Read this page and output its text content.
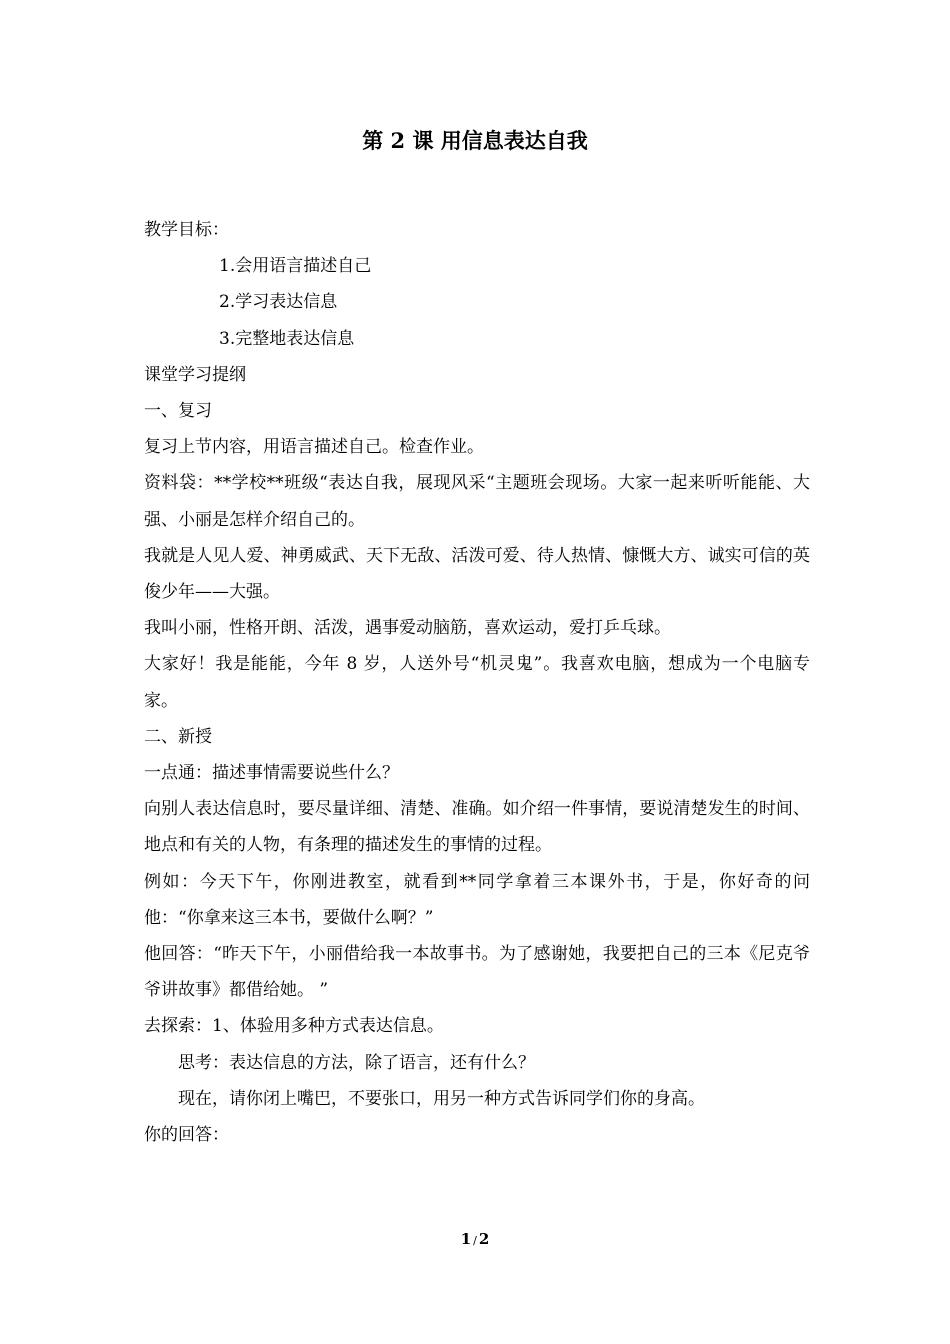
第 2 课 用信息表达自我

教学目标：

1.会用语言描述自己

2.学习表达信息

3.完整地表达信息

课堂学习提纲

一、复习

复习上节内容，用语言描述自己。检查作业。

资料袋：**学校**班级“表达自我，展现风采“主题班会现场。大家一起来听听能能、大强、小丽是怎样介绍自己的。

我就是人见人爱、神勇威武、天下无敌、活泼可爱、待人热情、慷慨大方、诚实可信的英俊少年——大强。

我叫小丽，性格开朗、活泼，遇事爱动脑筋，喜欢运动，爱打乒乓球。

大家好！我是能能，今年 8 岁，人送外号“机灵鬼”。我喜欢电脑，想成为一个电脑专家。

二、新授

一点通：描述事情需要说些什么？

向别人表达信息时，要尽量详细、清楚、准确。如介绍一件事情，要说清楚发生的时间、地点和有关的人物，有条理的描述发生的事情的过程。

例如：今天下午，你刚进教室，就看到**同学拿着三本课外书，于是，你好奇的问他：“你拿来这三本书，要做什么啊？”

他回答：“昨天下午，小丽借给我一本故事书。为了感谢她，我要把自己的三本《尼克爷爷讲故事》都借给她。 ”

去探索：1、体验用多种方式表达信息。

思考：表达信息的方法，除了语言，还有什么？

现在，请你闭上嘴巴，不要张口，用另一种方式告诉同学们你的身高。

你的回答：

1 / 2
